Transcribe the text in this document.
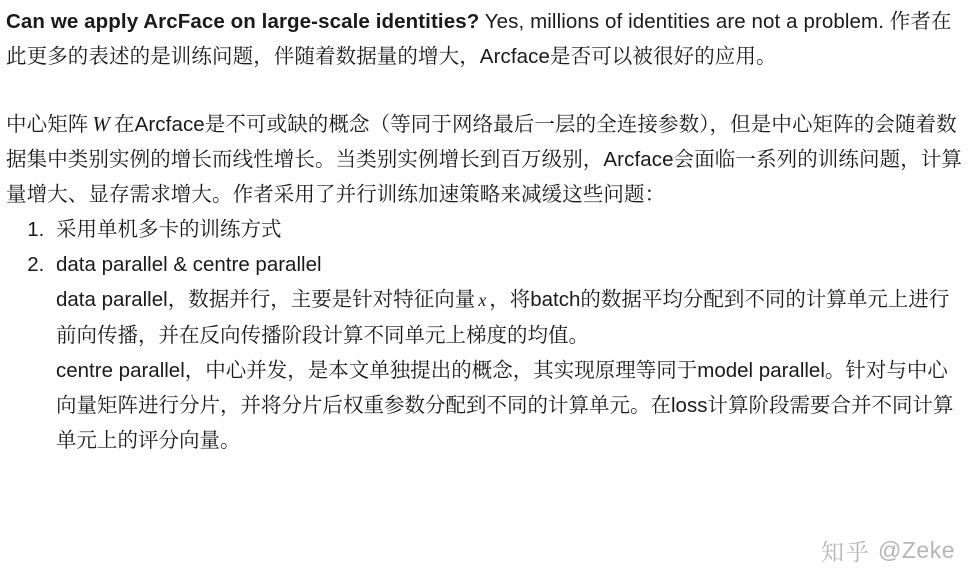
Can we apply ArcFace on large-scale identities? Yes, millions of identities are not a problem. 作者在此更多的表述的是训练问题，伴随着数据量的增大，Arcface是否可以被很好的应用。

中心矩阵 W 在Arcface是不可或缺的概念（等同于网络最后一层的全连接参数），但是中心矩阵的会随着数据集中类别实例的增长而线性增长。当类别实例增长到百万级别，Arcface会面临一系列的训练问题，计算量增大、显存需求增大。作者采用了并行训练加速策略来减缓这些问题：

1. 采用单机多卡的训练方式
2. data parallel & centre parallel
data parallel，数据并行，主要是针对特征向量 x ，将batch的数据平均分配到不同的计算单元上进行前向传播，并在反向传播阶段计算不同单元上梯度的均值。
centre parallel，中心并发，是本文单独提出的概念，其实现原理等同于model parallel。针对与中心向量矩阵进行分片，并将分片后权重参数分配到不同的计算单元。在loss计算阶段需要合并不同计算单元上的评分向量。
知乎 @Zeke
